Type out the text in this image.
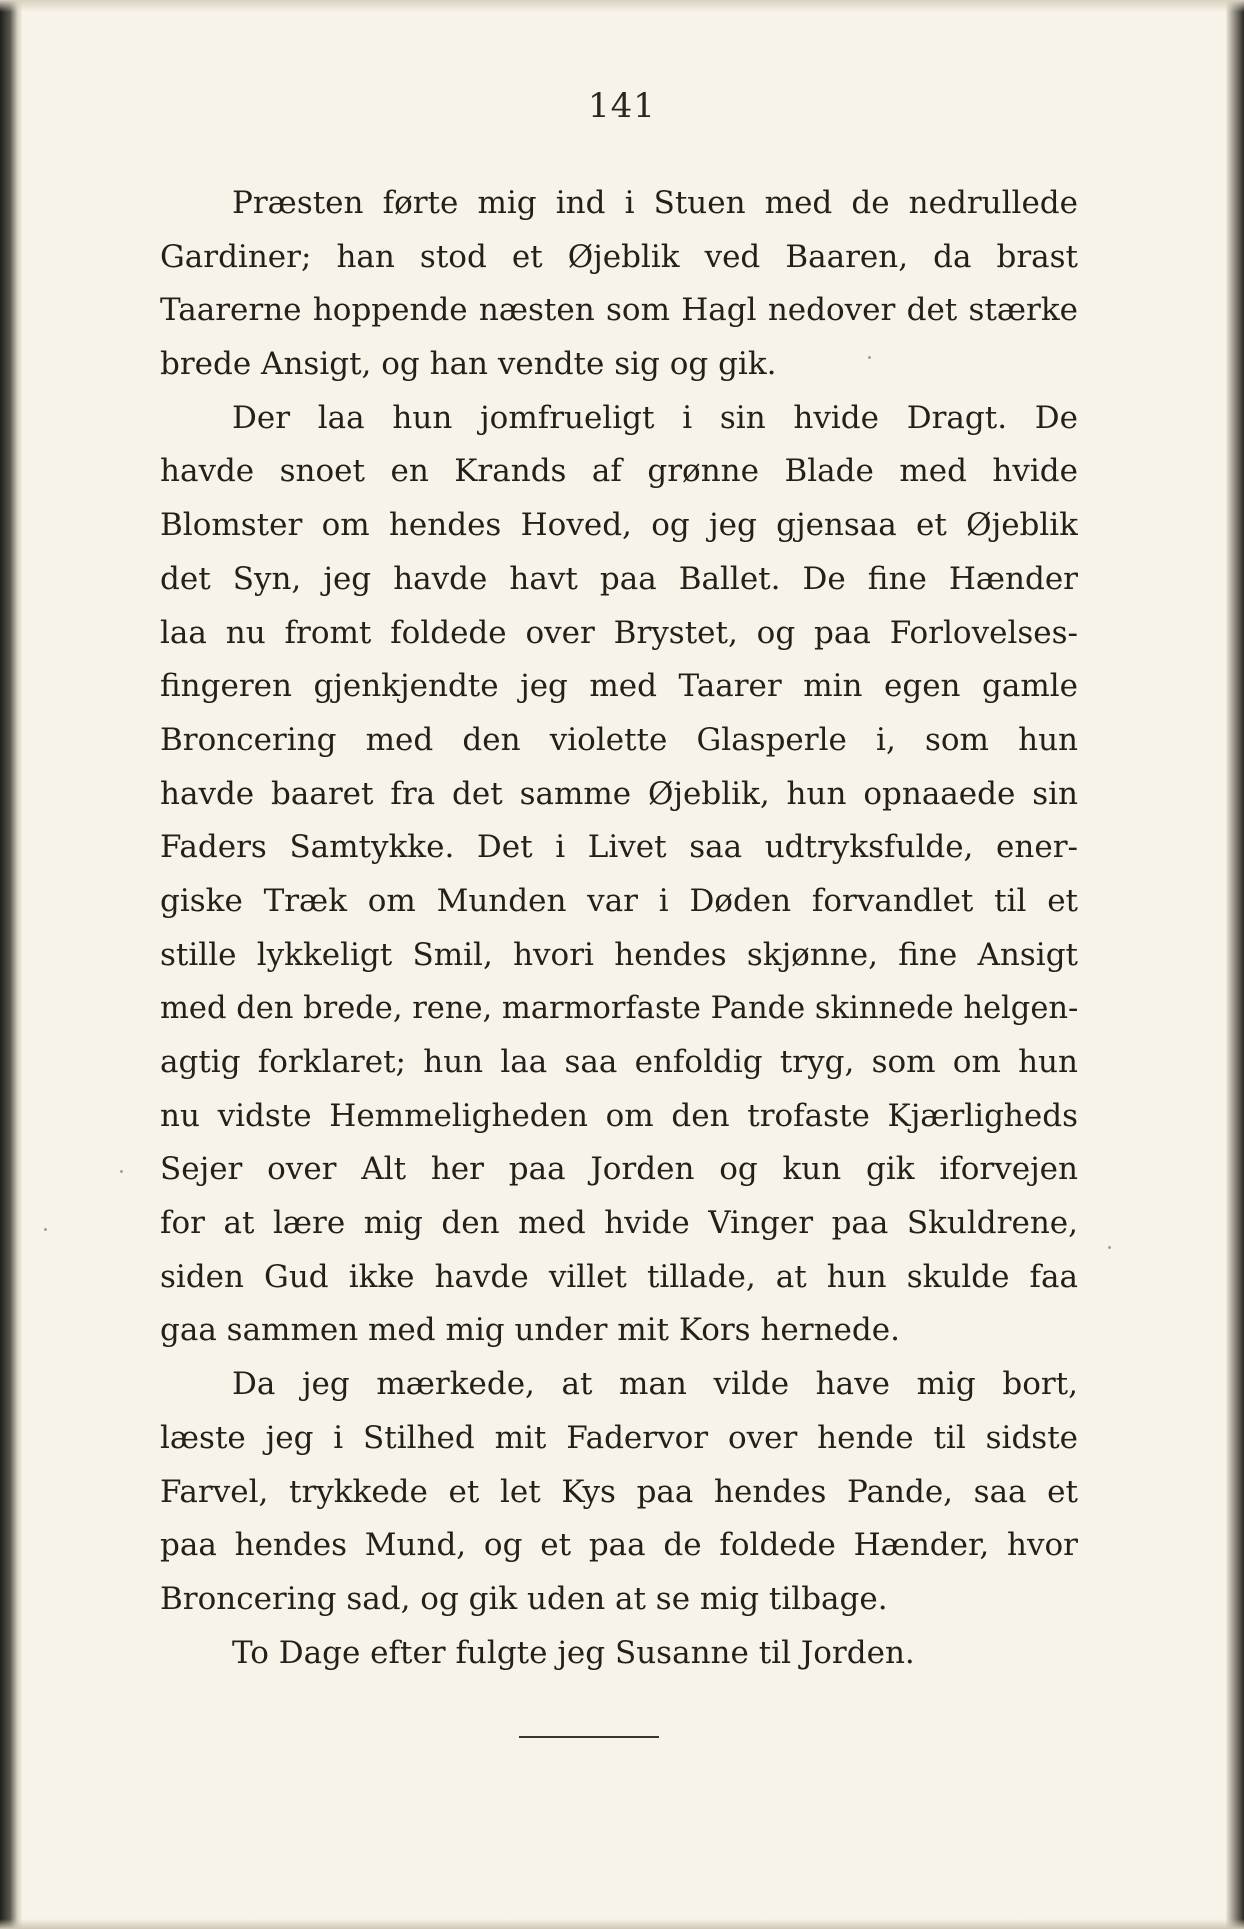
141
Præsten førte mig ind i Stuen med de nedrullede
Gardiner; han stod et Øjeblik ved Baaren, da brast
Taarerne hoppende næsten som Hagl nedover det stærke
brede Ansigt, og han vendte sig og gik.
Der laa hun jomfrueligt i sin hvide Dragt. De
havde snoet en Krands af grønne Blade med hvide
Blomster om hendes Hoved, og jeg gjensaa et Øjeblik
det Syn, jeg havde havt paa Ballet. De fine Hænder
laa nu fromt foldede over Brystet, og paa Forlovelses-
fingeren gjenkjendte jeg med Taarer min egen gamle
Broncering med den violette Glasperle i, som hun
havde baaret fra det samme Øjeblik, hun opnaaede sin
Faders Samtykke. Det i Livet saa udtryksfulde, ener-
giske Træk om Munden var i Døden forvandlet til et
stille lykkeligt Smil, hvori hendes skjønne, fine Ansigt
med den brede, rene, marmorfaste Pande skinnede helgen-
agtig forklaret; hun laa saa enfoldig tryg, som om hun
nu vidste Hemmeligheden om den trofaste Kjærligheds
Sejer over Alt her paa Jorden og kun gik iforvejen
for at lære mig den med hvide Vinger paa Skuldrene,
siden Gud ikke havde villet tillade, at hun skulde faa
gaa sammen med mig under mit Kors hernede.
Da jeg mærkede, at man vilde have mig bort,
læste jeg i Stilhed mit Fadervor over hende til sidste
Farvel, trykkede et let Kys paa hendes Pande, saa et
paa hendes Mund, og et paa de foldede Hænder, hvor
Broncering sad, og gik uden at se mig tilbage.
To Dage efter fulgte jeg Susanne til Jorden.
